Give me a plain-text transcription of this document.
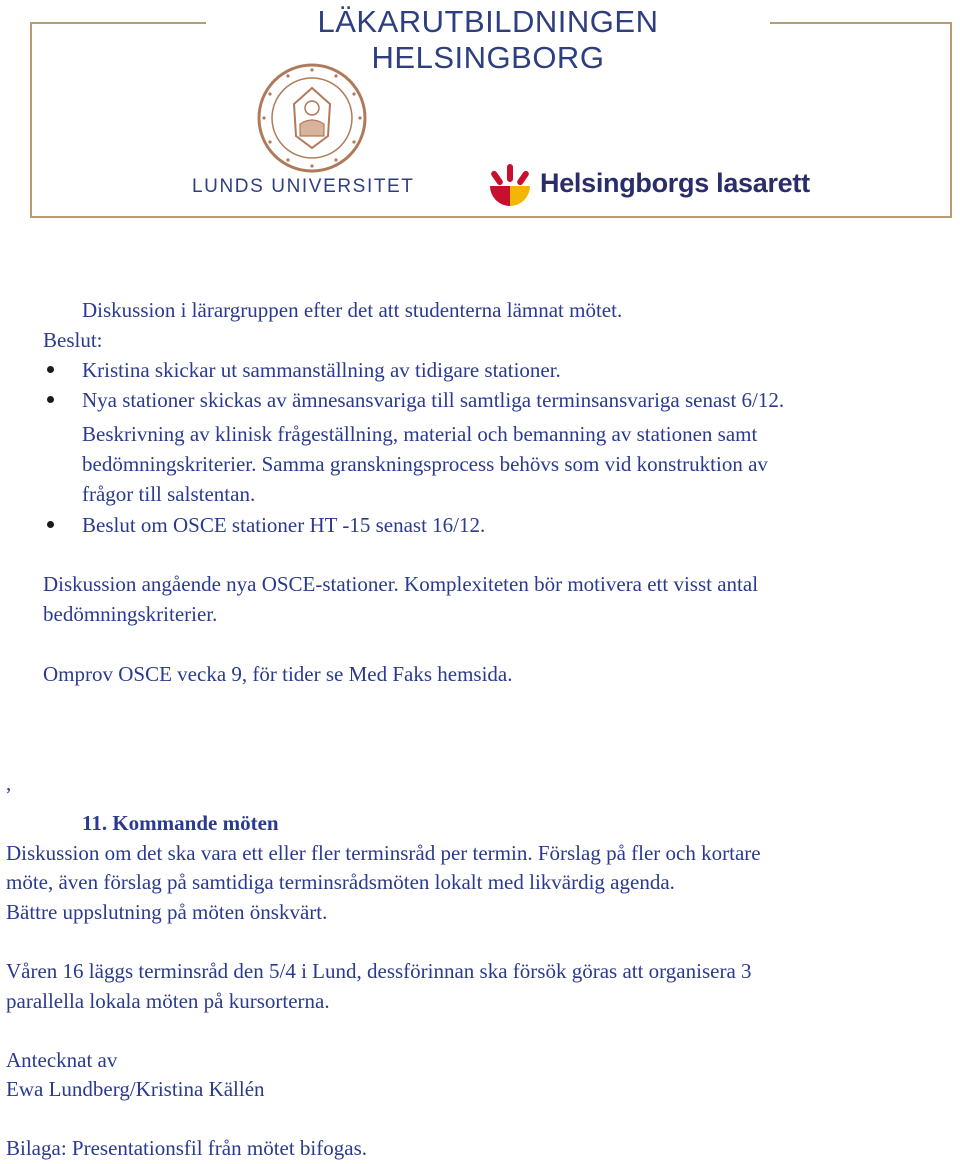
LÄKARUTBILDNINGEN HELSINGBORG
LUNDS UNIVERSITET	Helsingborgs lasarett
Diskussion i lärargruppen efter det att studenterna lämnat mötet.
Beslut:
Kristina skickar ut sammanställning av tidigare stationer.
Nya stationer skickas av ämnesansvariga till samtliga terminsansvariga senast 6/12.
Beskrivning av klinisk frågeställning, material och bemanning av stationen samt
bedömningskriterier. Samma granskningsprocess behövs som vid konstruktion av
frågor till salstentan.
Beslut om OSCE stationer HT -15 senast 16/12.
Diskussion angående nya OSCE-stationer. Komplexiteten bör motivera ett visst antal
bedömningskriterier.
Omprov OSCE vecka 9, för tider se Med Faks hemsida.
,
11. Kommande möten
Diskussion om det ska vara ett eller fler terminsråd per termin. Förslag på fler och kortare
möte, även förslag på samtidiga terminsrådsmöten lokalt med likvärdig agenda.
Bättre uppslutning på möten önskvärt.
Våren 16 läggs terminsråd den 5/4 i Lund, dessförinnan ska försök göras att organisera 3
parallella lokala möten på kursorterna.
Antecknat av
Ewa Lundberg/Kristina Källén
Bilaga: Presentationsfil från mötet bifogas.
